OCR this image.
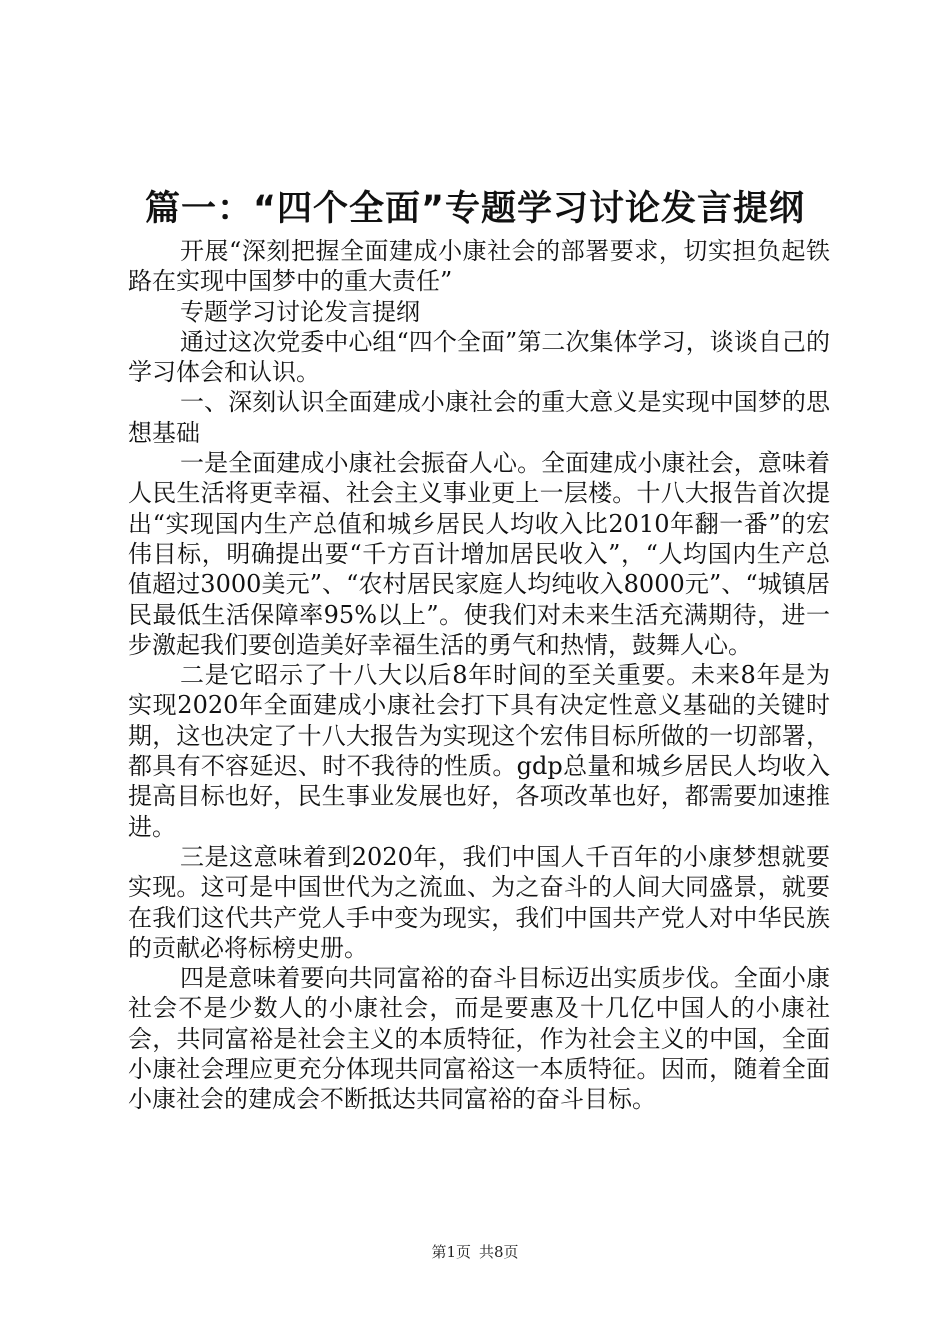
篇一：“四个全面”专题学习讨论发言提纲

开展“深刻把握全面建成小康社会的部署要求，切实担负起铁路在实现中国梦中的重大责任”

专题学习讨论发言提纲

通过这次党委中心组“四个全面”第二次集体学习，谈谈自己的学习体会和认识。

一、深刻认识全面建成小康社会的重大意义是实现中国梦的思想基础

一是全面建成小康社会振奋人心。全面建成小康社会，意味着人民生活将更幸福、社会主义事业更上一层楼。十八大报告首次提出“实现国内生产总值和城乡居民人均收入比2010年翻一番”的宏伟目标，明确提出要“千方百计增加居民收入”，“人均国内生产总值超过3000美元”、“农村居民家庭人均纯收入8000元”、“城镇居民最低生活保障率95%以上”。使我们对未来生活充满期待，进一步激起我们要创造美好幸福生活的勇气和热情，鼓舞人心。

二是它昭示了十八大以后8年时间的至关重要。未来8年是为实现2020年全面建成小康社会打下具有决定性意义基础的关键时期，这也决定了十八大报告为实现这个宏伟目标所做的一切部署，都具有不容延迟、时不我待的性质。gdp总量和城乡居民人均收入提高目标也好，民生事业发展也好，各项改革也好，都需要加速推进。

三是这意味着到2020年，我们中国人千百年的小康梦想就要实现。这可是中国世代为之流血、为之奋斗的人间大同盛景，就要在我们这代共产党人手中变为现实，我们中国共产党人对中华民族的贡献必将标榜史册。

四是意味着要向共同富裕的奋斗目标迈出实质步伐。全面小康社会不是少数人的小康社会，而是要惠及十几亿中国人的小康社会，共同富裕是社会主义的本质特征，作为社会主义的中国，全面小康社会理应更充分体现共同富裕这一本质特征。因而，随着全面小康社会的建成会不断抵达共同富裕的奋斗目标。

第1页 共8页
